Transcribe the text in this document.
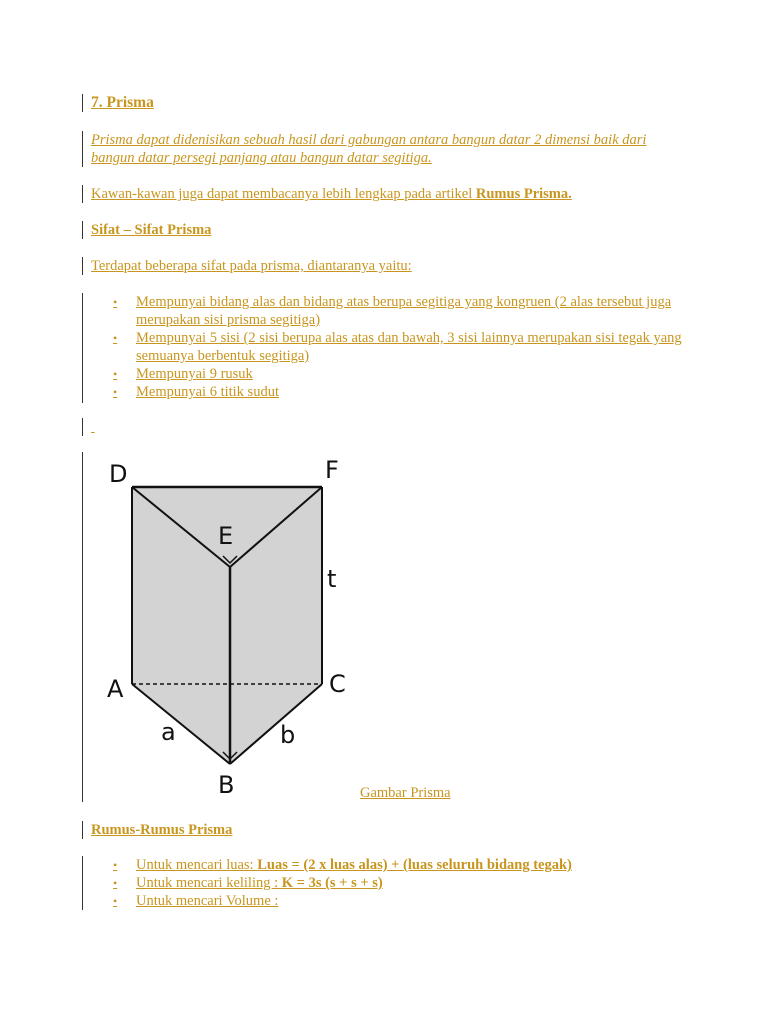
7. Prisma
Prisma dapat didenisikan sebuah hasil dari gabungan antara bangun datar 2 dimensi baik dari bangun datar persegi panjang atau bangun datar segitiga.
Kawan-kawan juga dapat membacanya lebih lengkap pada artikel Rumus Prisma.
Sifat – Sifat Prisma
Terdapat beberapa sifat pada prisma, diantaranya yaitu:
• Mempunyai bidang alas dan bidang atas berupa segitiga yang kongruen (2 alas tersebut juga merupakan sisi prisma segitiga)
• Mempunyai 5 sisi (2 sisi berupa alas atas dan bawah, 3 sisi lainnya merupakan sisi tegak yang semuanya berbentuk segitiga)
• Mempunyai 9 rusuk
• Mempunyai 6 titik sudut

D	F
E
t
A	C
a	b
B	Gambar Prisma
Rumus-Rumus Prisma
• Untuk mencari luas: Luas = (2 x luas alas) + (luas seluruh bidang tegak)
• Untuk mencari keliling : K = 3s (s + s + s)
• Untuk mencari Volume :
